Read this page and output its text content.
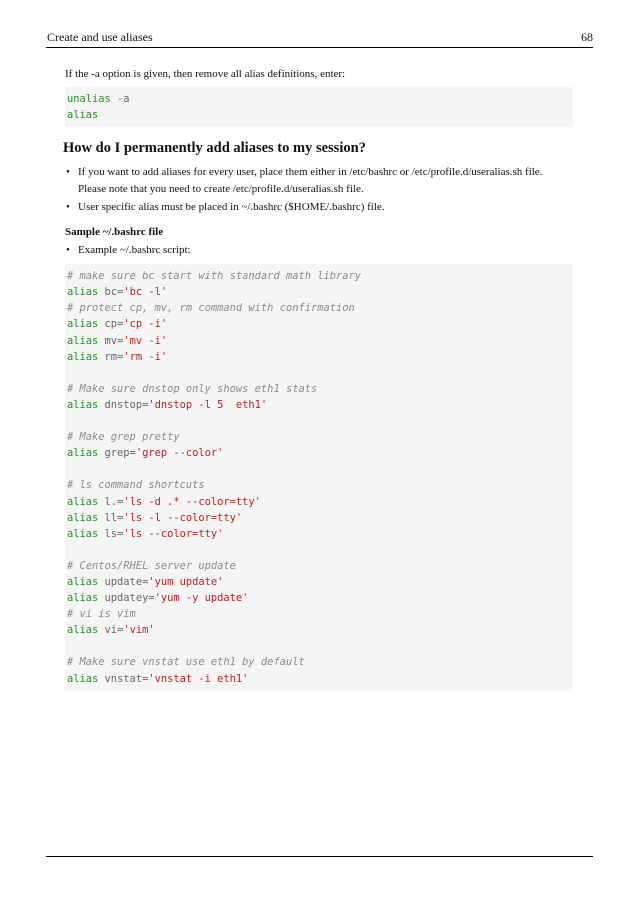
Create and use aliases	68

If the -a option is given, then remove all alias definitions, enter:

unalias -a
alias
How do I permanently add aliases to my session?
• If you want to add aliases for every user, place them either in /etc/bashrc or /etc/profile.d/useralias.sh file. Please note that you need to create /etc/profile.d/useralias.sh file.
• User specific alias must be placed in ~/.bashrc ($HOME/.bashrc) file.
Sample ~/.bashrc file
• Example ~/.bashrc script:
# make sure bc start with standard math library
alias bc='bc -l'
# protect cp, mv, rm command with confirmation
alias cp='cp -i'
alias mv='mv -i'
alias rm='rm -i'

# Make sure dnstop only shows eth1 stats
alias dnstop='dnstop -l 5  eth1'

# Make grep pretty
alias grep='grep --color'

# ls command shortcuts
alias l.='ls -d .* --color=tty'
alias ll='ls -l --color=tty'
alias ls='ls --color=tty'

# Centos/RHEL server update
alias update='yum update'
alias updatey='yum -y update'
# vi is vim
alias vi='vim'

# Make sure vnstat use eth1 by default
alias vnstat='vnstat -i eth1'
